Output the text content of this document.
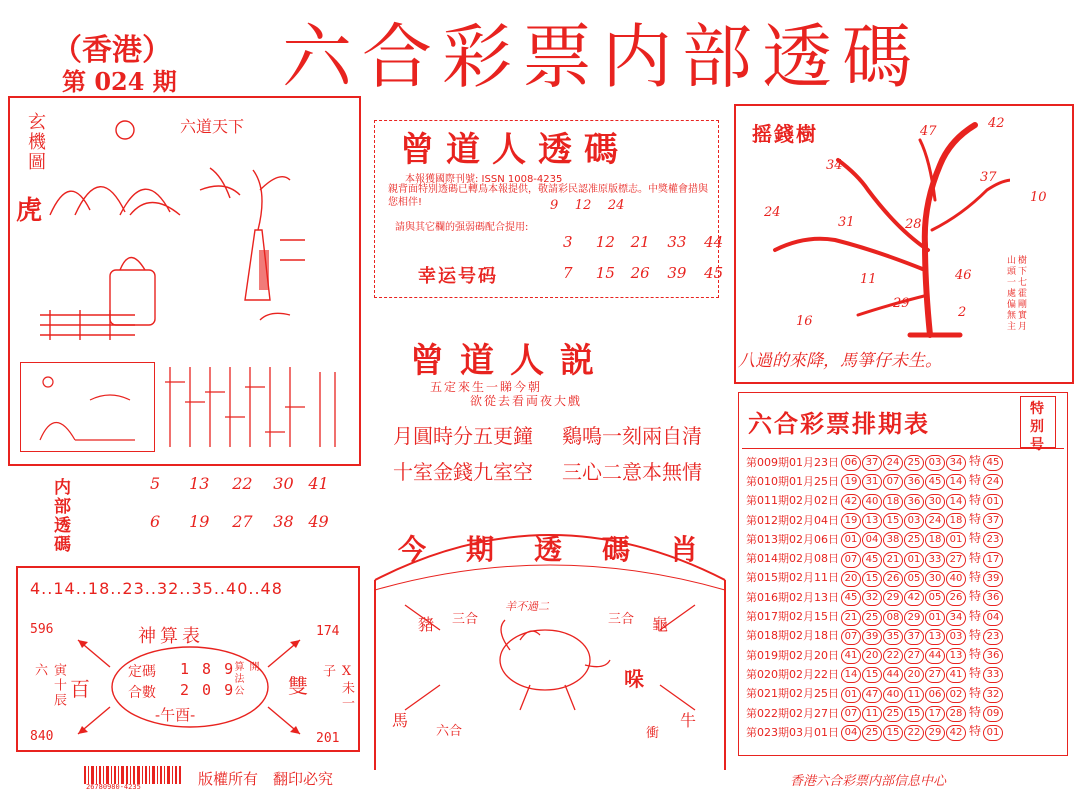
（香港）
第 024 期 六合彩票内部透碼
玄機圖
虎
六道天下
内部透碼	5 13 22 30 41
6 19 27 38 49
4..14..18..23..32..35..40..48
神算表
596	174
840	201
寅十辰六
百	雙	Ⅹ未一子
定碼 1 8 9
合數 2 0 9
算法公開
-午酉-
曾道人透碼
本報獲國際刊號: ISSN 1008-4235
親背面特別透碼已轉鳥本報提供，敬請彩民認准原版標志。中獎權會措與您相伴!
請與其它欄的强弱碼配合提用:
9    12    24
幸运号码
3 12 21 33 44
7 15 26 39 45
曾道人説
五定來生一睇今朝
欲從去看両夜大戲
月圓時分五更鐘 鷄鳴一刻兩自清
十室金錢九室空 三心二意本無情
今期透碼肖
羊不過二
豬 三合	三合 龜
哚
馬
六合	衝
牛
摇錢樹	47
42
34
37
10
24
31	28
46
11
29
16
2	樹下七霍剛實月 山頭一處偏無主
八過的來降，馬箏仔未生。
六合彩票排期表	特别号
第009期01月23日	06 37 24 25 03 34 特 45
第010期01月25日	19 31 07 36 45 14 特 24
第011期02月02日	42 40 18 36 30 14 特 01
第012期02月04日	19 13 15 03 24 18 特 37
第013期02月06日	01 04 38 25 18 01 特 23
第014期02月08日	07 45 21 01 33 27 特 17
第015期02月11日	20 15 26 05 30 40 特 39
第016期02月13日	45 32 29 42 05 26 特 36
第017期02月15日	21 25 08 29 01 34 特 04
第018期02月18日	07 39 35 37 13 03 特 23
第019期02月20日	41 20 22 27 44 13 特 36
第020期02月22日	14 15 44 20 27 41 特 33
第021期02月25日	01 47 40 11 06 02 特 32
第022期02月27日	07 11 25 15 17 28 特 09
第023期03月01日	04 25 15 22 29 42 特 01
26780980-4235	版權所有　翻印必究	香港六合彩票内部信息中心
